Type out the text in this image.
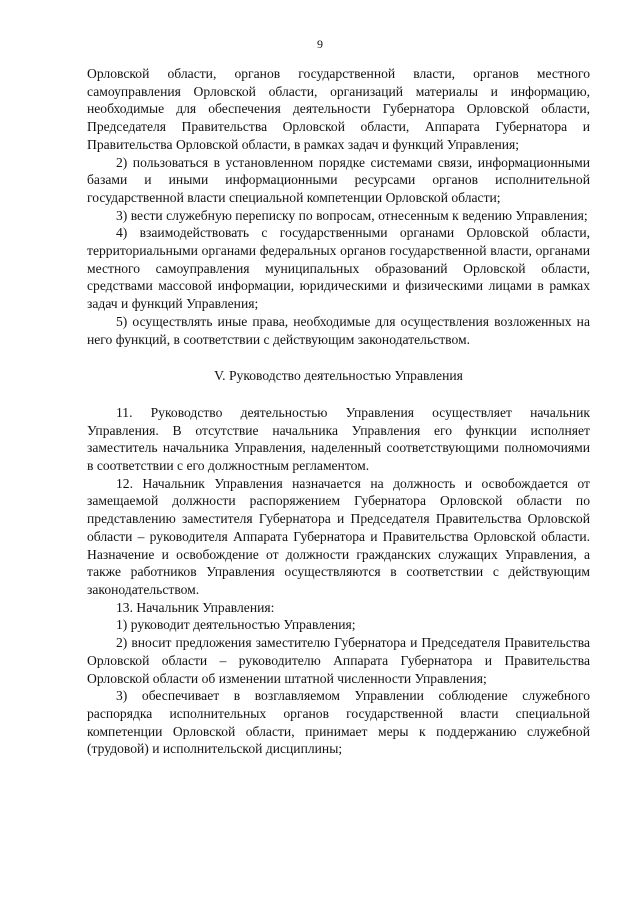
9

Орловской области, органов государственной власти, органов местного самоуправления Орловской области, организаций материалы и информацию, необходимые для обеспечения деятельности Губернатора Орловской области, Председателя Правительства Орловской области, Аппарата Губернатора и Правительства Орловской области, в рамках задач и функций Управления;

2) пользоваться в установленном порядке системами связи, информационными базами и иными информационными ресурсами органов исполнительной государственной власти специальной компетенции Орловской области;

3) вести служебную переписку по вопросам, отнесенным к ведению Управления;

4) взаимодействовать с государственными органами Орловской области, территориальными органами федеральных органов государственной власти, органами местного самоуправления муниципальных образований Орловской области, средствами массовой информации, юридическими и физическими лицами в рамках задач и функций Управления;

5) осуществлять иные права, необходимые для осуществления возложенных на него функций, в соответствии с действующим законодательством.

V. Руководство деятельностью Управления

11. Руководство деятельностью Управления осуществляет начальник Управления. В отсутствие начальника Управления его функции исполняет заместитель начальника Управления, наделенный соответствующими полномочиями в соответствии с его должностным регламентом.

12. Начальник Управления назначается на должность и освобождается от замещаемой должности распоряжением Губернатора Орловской области по представлению заместителя Губернатора и Председателя Правительства Орловской области – руководителя Аппарата Губернатора и Правительства Орловской области. Назначение и освобождение от должности гражданских служащих Управления, а также работников Управления осуществляются в соответствии с действующим законодательством.

13. Начальник Управления:

1) руководит деятельностью Управления;

2) вносит предложения заместителю Губернатора и Председателя Правительства Орловской области – руководителю Аппарата Губернатора и Правительства Орловской области об изменении штатной численности Управления;

3) обеспечивает в возглавляемом Управлении соблюдение служебного распорядка исполнительных органов государственной власти специальной компетенции Орловской области, принимает меры к поддержанию служебной (трудовой) и исполнительской дисциплины;
